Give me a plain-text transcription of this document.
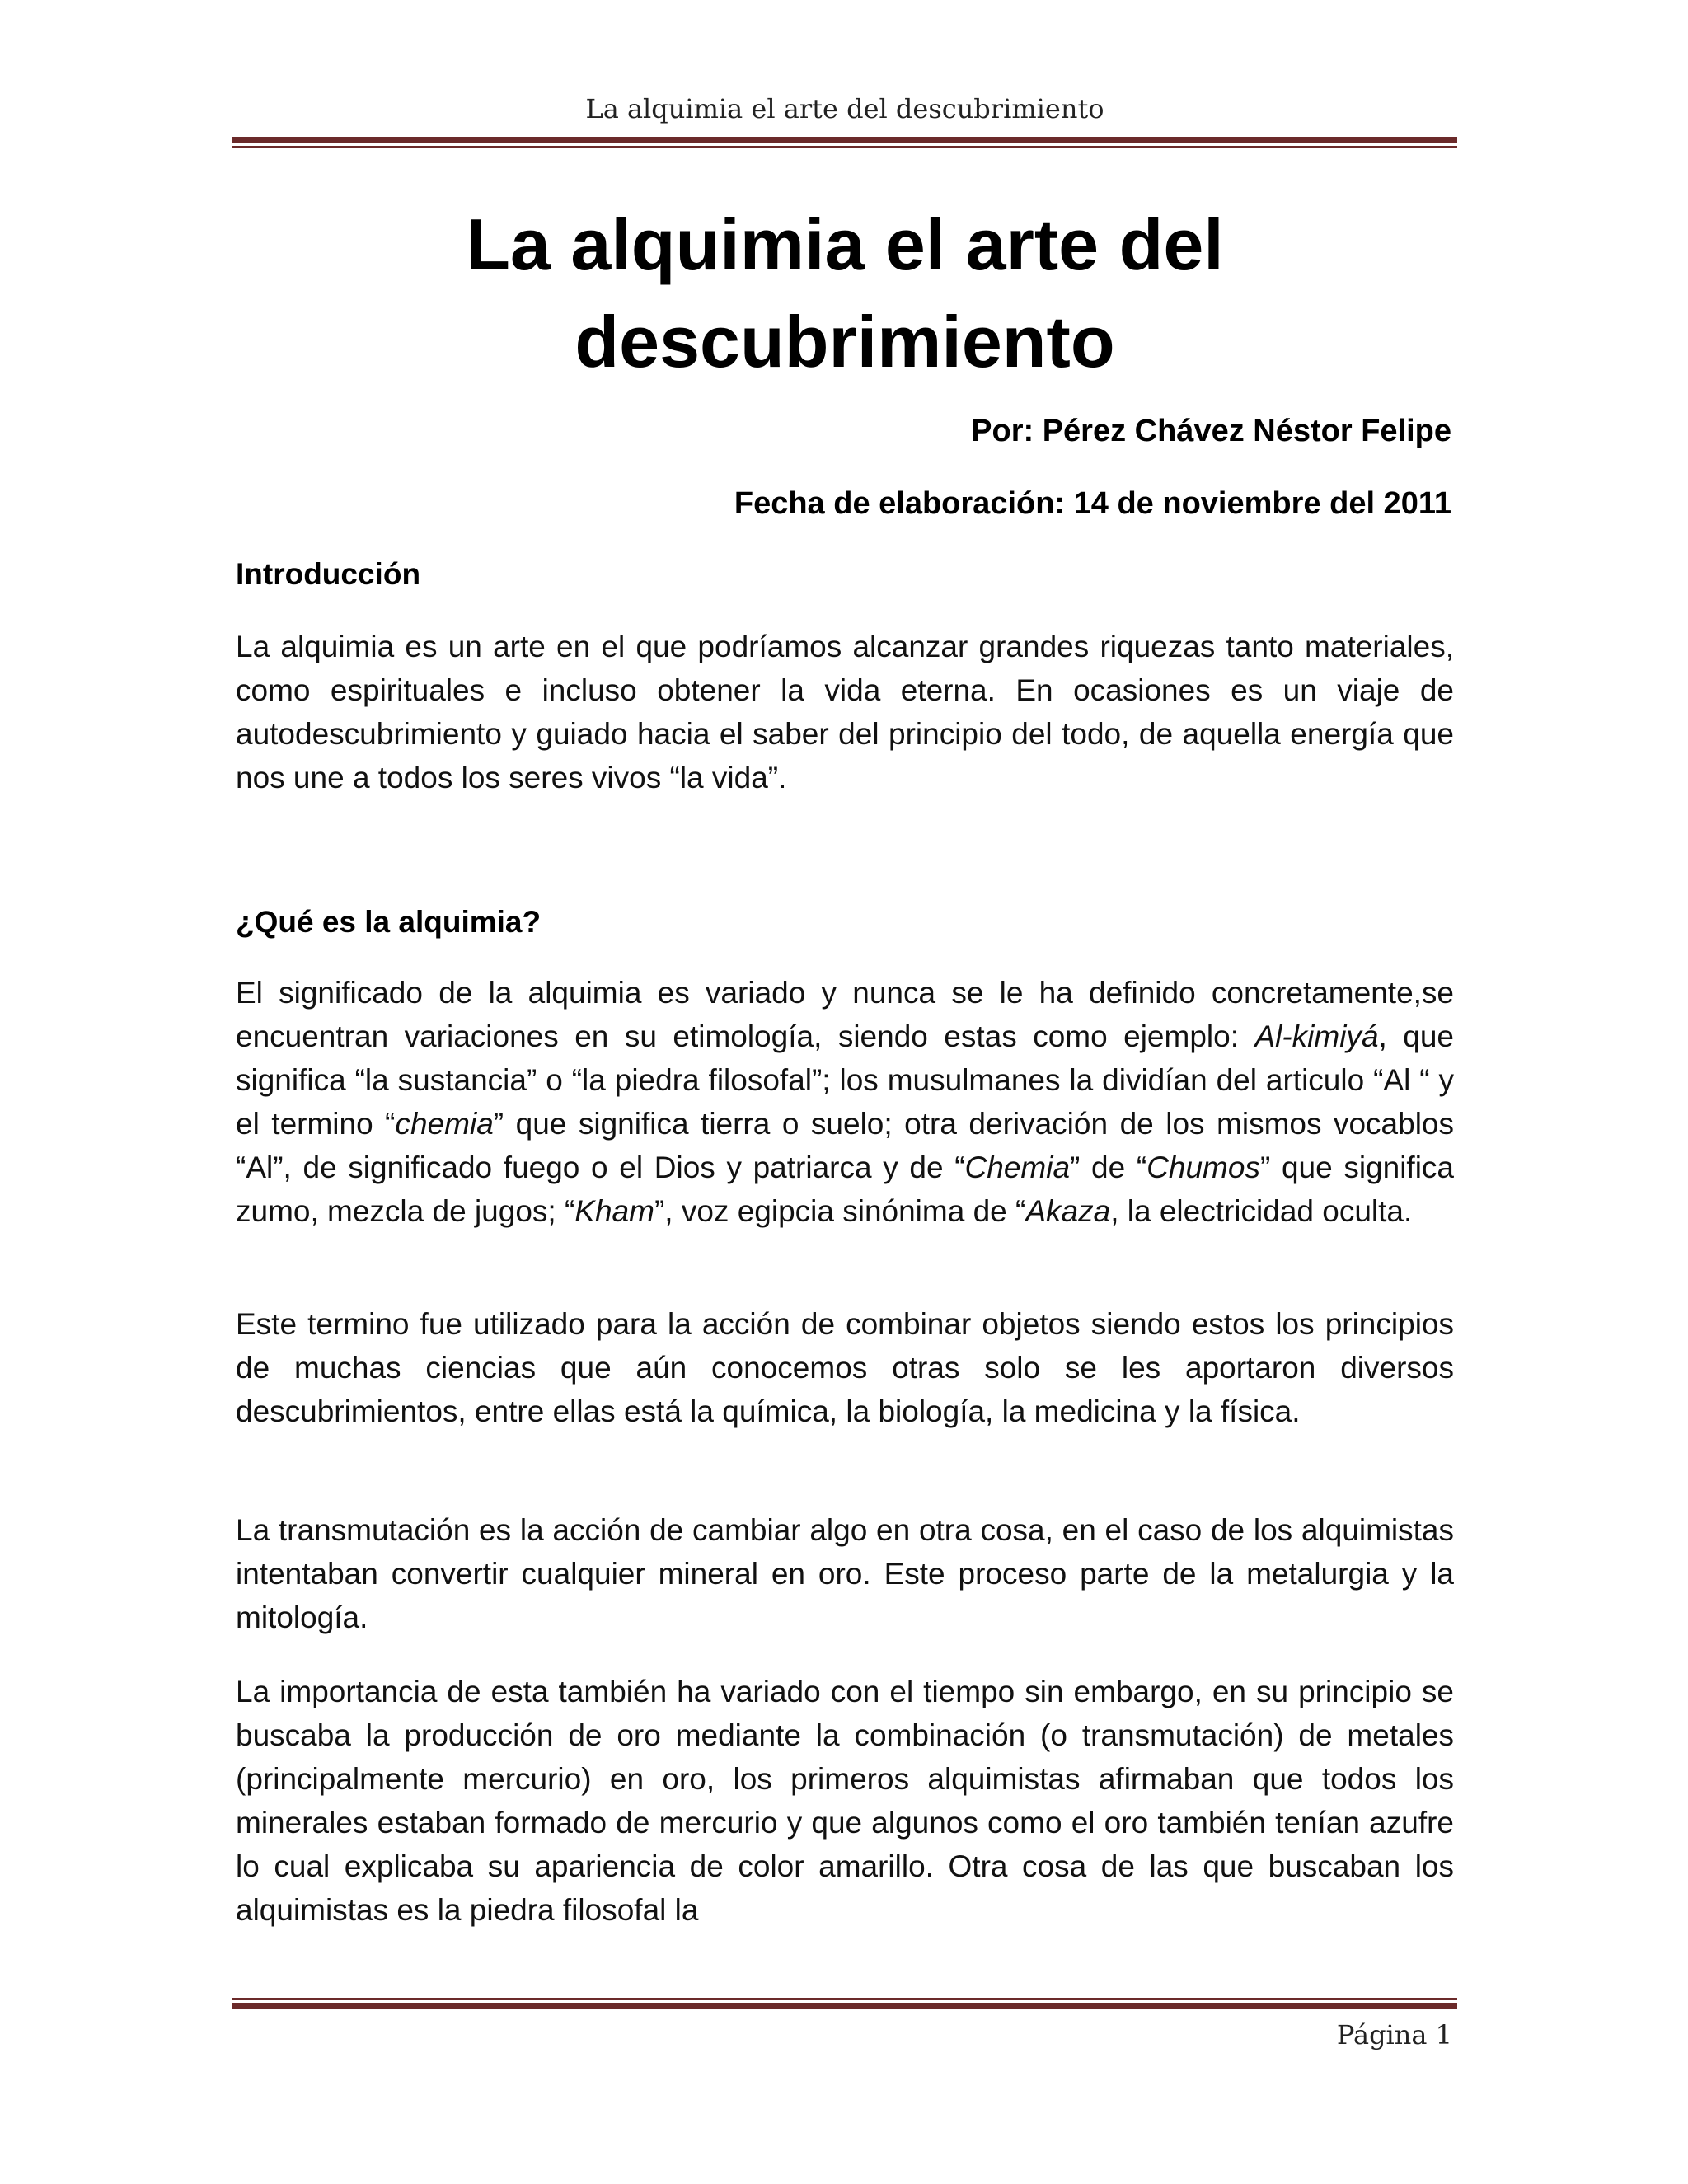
La alquimia el arte del descubrimiento
La alquimia el arte del
descubrimiento
Por: Pérez Chávez Néstor Felipe
Fecha de elaboración: 14 de noviembre del 2011
Introducción
La alquimia es un arte en el que podríamos alcanzar grandes riquezas tanto materiales, como espirituales e incluso obtener la vida eterna. En ocasiones es un viaje de autodescubrimiento y guiado hacia el saber del principio del todo, de aquella energía que nos une a todos los seres vivos “la vida”.
¿Qué es la alquimia?
El significado de la alquimia es variado y nunca se le ha definido concretamente,se encuentran variaciones en su etimología, siendo estas como ejemplo: Al-kimiyá, que significa “la sustancia” o “la piedra filosofal”; los musulmanes la dividían del articulo “Al “ y el termino “chemia” que significa tierra o suelo; otra derivación de los mismos vocablos “Al”, de significado fuego o el Dios y patriarca y de “Chemia” de “Chumos” que significa zumo, mezcla de jugos; “Kham”, voz egipcia sinónima de “Akaza, la electricidad oculta.
Este termino fue utilizado para la acción de combinar objetos siendo estos los principios de muchas ciencias que aún conocemos otras solo se les aportaron diversos descubrimientos, entre ellas está la química, la biología, la medicina y la física.
La transmutación es la acción de cambiar algo en otra cosa, en el caso de los alquimistas intentaban convertir cualquier mineral en oro. Este proceso parte de la metalurgia y la mitología.
La importancia de esta también ha variado con el tiempo sin embargo, en su principio se buscaba la producción de oro mediante la combinación (o transmutación) de metales (principalmente mercurio) en oro, los primeros alquimistas afirmaban que todos los minerales estaban formado de mercurio y que algunos como el oro también tenían azufre lo cual explicaba su apariencia de color amarillo. Otra cosa de las que buscaban los alquimistas es la piedra filosofal la
Página 1
